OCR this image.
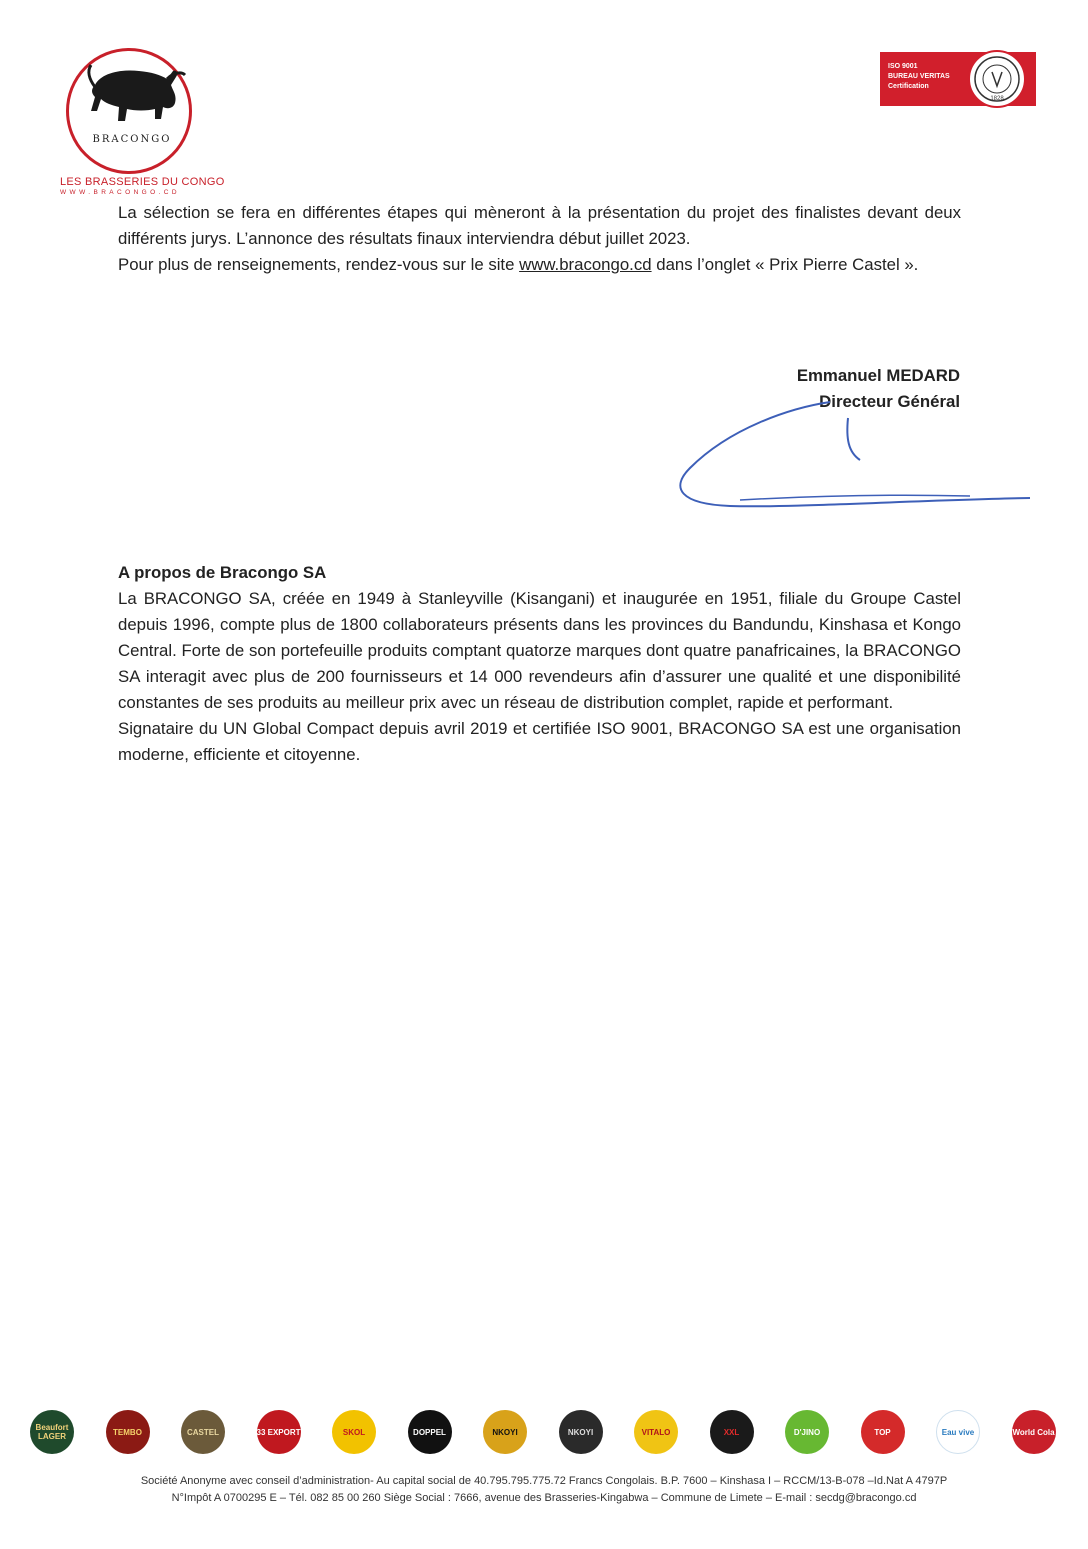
BRACONGO
LES BRASSERIES DU CONGO
WWW.BRACONGO.CD
ISO 9001
BUREAU VERITAS
Certification
1828

La sélection se fera en différentes étapes qui mèneront à la présentation du projet des finalistes devant deux différents jurys. L’annonce des résultats finaux interviendra début juillet 2023.

Pour plus de renseignements, rendez-vous sur le site www.bracongo.cd dans l’onglet « Prix Pierre Castel ».

Emmanuel MEDARD
Directeur Général
A propos de Bracongo SA

La BRACONGO SA, créée en 1949 à Stanleyville (Kisangani) et inaugurée en 1951, filiale du Groupe Castel depuis 1996, compte plus de 1800 collaborateurs présents dans les provinces du Bandundu, Kinshasa et Kongo Central. Forte de son portefeuille produits comptant quatorze marques dont quatre panafricaines, la BRACONGO SA interagit avec plus de 200 fournisseurs et 14 000 revendeurs afin d’assurer une qualité et une disponibilité constantes de ses produits au meilleur prix avec un réseau de distribution complet, rapide et performant.

Signataire du UN Global Compact depuis avril 2019 et certifiée ISO 9001, BRACONGO SA est une organisation moderne, efficiente et citoyenne.

Beaufort LAGER	TEMBO	CASTEL	33 EXPORT	SKOL	DOPPEL	NKOYI	NKOYI	VITALO	XXL	D'JINO	TOP	Eau vive	World Cola
Société Anonyme avec conseil d’administration- Au capital social de 40.795.795.775.72 Francs Congolais. B.P. 7600 – Kinshasa I – RCCM/13-B-078 –Id.Nat A 4797P
N°Impôt A 0700295 E – Tél. 082 85 00 260 Siège Social : 7666, avenue des Brasseries-Kingabwa – Commune de Limete – E-mail : secdg@bracongo.cd
